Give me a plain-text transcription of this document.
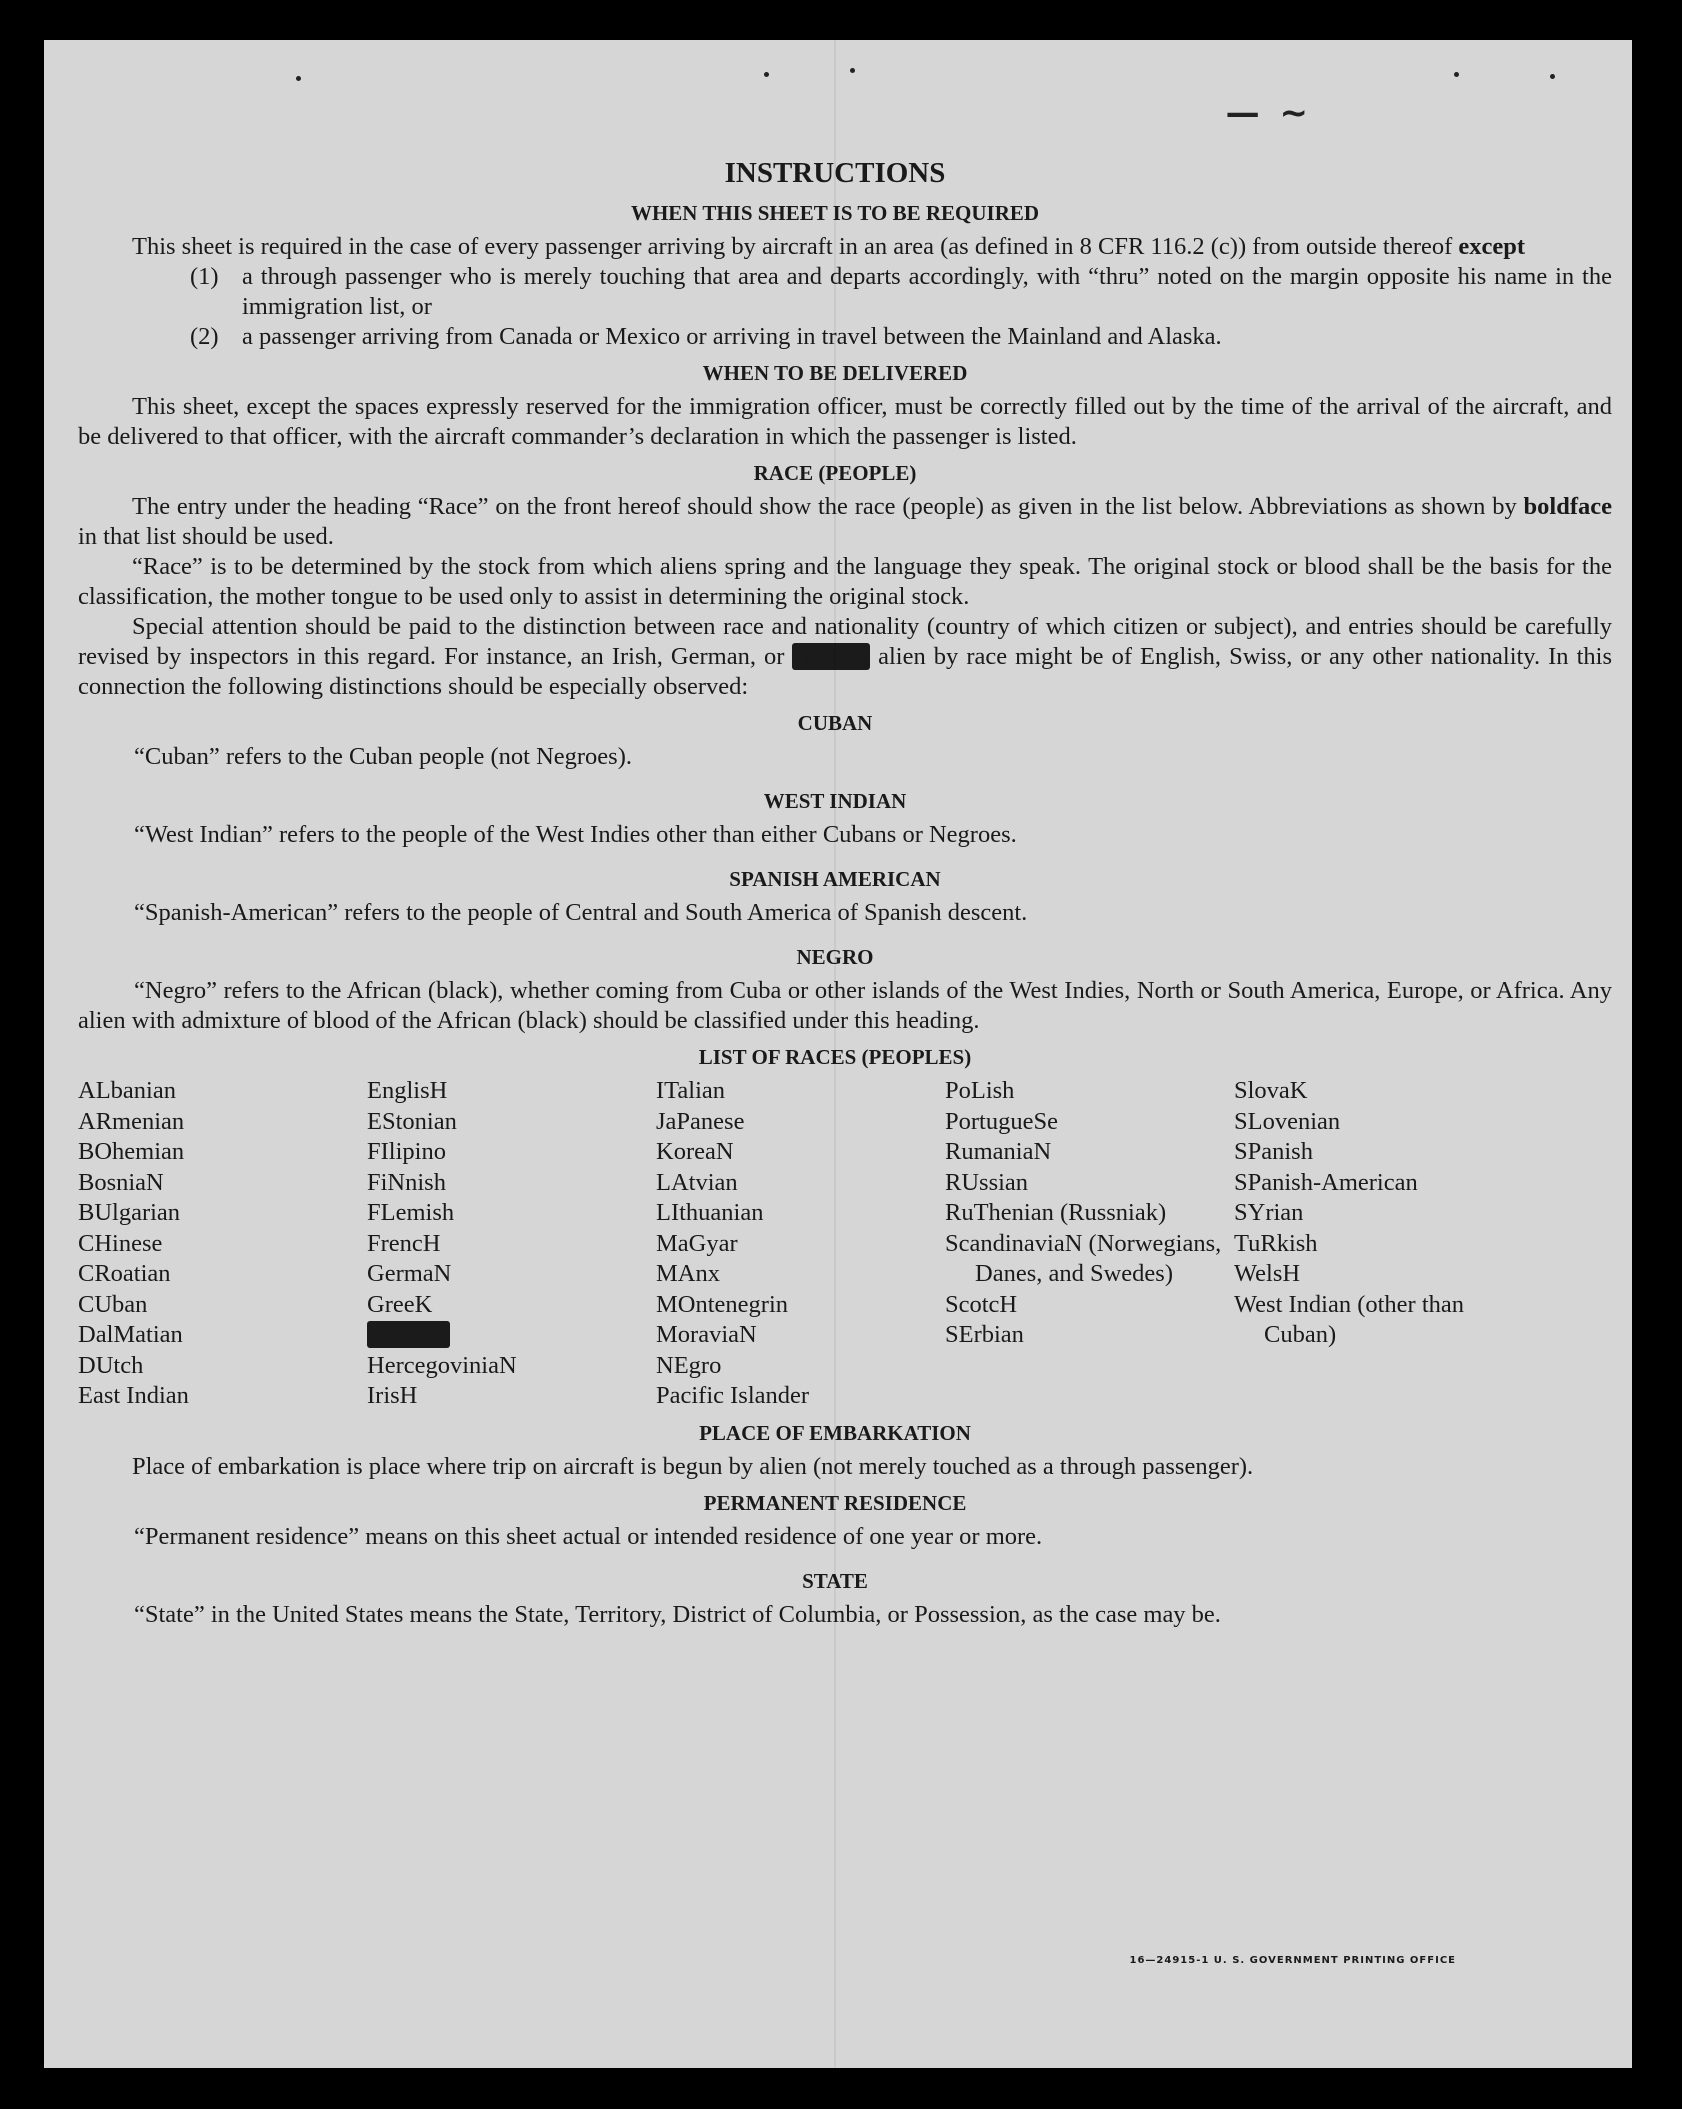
— ~
INSTRUCTIONS
WHEN THIS SHEET IS TO BE REQUIRED

This sheet is required in the case of every passenger arriving by aircraft in an area (as defined in 8 CFR 116.2 (c)) from outside thereof except

(1) a through passenger who is merely touching that area and departs accordingly, with “thru” noted on the margin opposite his name in the immigration list, or
(2) a passenger arriving from Canada or Mexico or arriving in travel between the Mainland and Alaska.
WHEN TO BE DELIVERED

This sheet, except the spaces expressly reserved for the immigration officer, must be correctly filled out by the time of the arrival of the aircraft, and be delivered to that officer, with the aircraft commander’s declaration in which the passenger is listed.

RACE (PEOPLE)

The entry under the heading “Race” on the front hereof should show the race (people) as given in the list below. Abbreviations as shown by boldface in that list should be used.

“Race” is to be determined by the stock from which aliens spring and the language they speak. The original stock or blood shall be the basis for the classification, the mother tongue to be used only to assist in determining the original stock.

Special attention should be paid to the distinction between race and nationality (country of which citizen or subject), and entries should be carefully revised by inspectors in this regard. For instance, an Irish, German, or Hebrew alien by race might be of English, Swiss, or any other nationality. In this connection the following distinctions should be especially observed:

CUBAN

“Cuban” refers to the Cuban people (not Negroes).

WEST INDIAN

“West Indian” refers to the people of the West Indies other than either Cubans or Negroes.

SPANISH AMERICAN

“Spanish-American” refers to the people of Central and South America of Spanish descent.

NEGRO

“Negro” refers to the African (black), whether coming from Cuba or other islands of the West Indies, North or South America, Europe, or Africa. Any alien with admixture of blood of the African (black) should be classified under this heading.

LIST OF RACES (PEOPLES)
ALbanian
ARmenian
BOhemian
BosniaN
BUlgarian
CHinese
CRoatian
CUban
DalMatian
DUtch
East Indian
EnglisH
EStonian
FIlipino
FiNnish
FLemish
FrencH
GermaN
GreeK
HebreW
HercegoviniaN
IrisH
ITalian
JaPanese
KoreaN
LAtvian
LIthuanian
MaGyar
MAnx
MOntenegrin
MoraviaN
NEgro
Pacific Islander
PoLish
PortugueSe
RumaniaN
RUssian
RuThenian (Russniak)
ScandinaviaN (Norwegians, Danes, and Swedes)
ScotcH
SErbian
SlovaK
SLovenian
SPanish
SPanish-American
SYrian
TuRkish
WelsH
West Indian (other than Cuban)
PLACE OF EMBARKATION

Place of embarkation is place where trip on aircraft is begun by alien (not merely touched as a through passenger).

PERMANENT RESIDENCE

“Permanent residence” means on this sheet actual or intended residence of one year or more.

STATE

“State” in the United States means the State, Territory, District of Columbia, or Possession, as the case may be.

16—24915-1 U. S. GOVERNMENT PRINTING OFFICE
